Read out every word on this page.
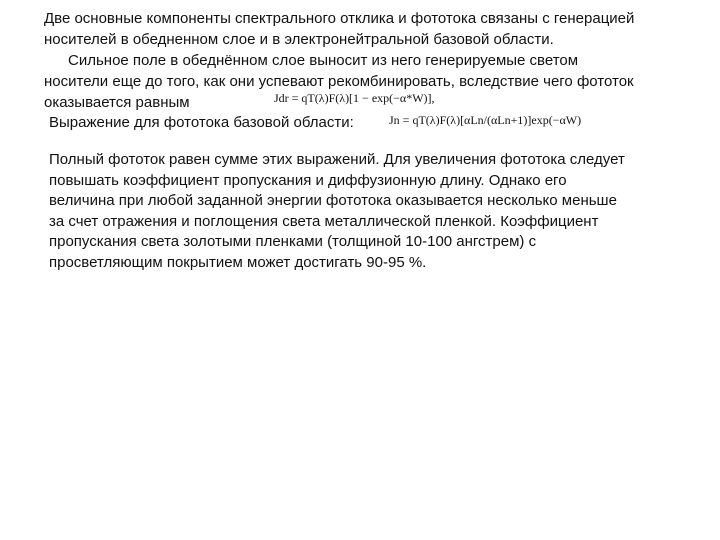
Две основные компоненты спектрального отклика и фототока связаны с генерацией
носителей в обедненном слое и в электронейтральной базовой области.
Сильное поле в обеднённом слое выносит из него генерируемые светом
носители еще до того, как они успевают рекомбинировать, вследствие чего фототок
оказывается равным	Jdr = qT(λ)F(λ)[1 − exp(−α*W)],
Выражение для фототока базовой области:	Jn = qT(λ)F(λ)[αLn/(αLn+1)]exp(−αW)

Полный фототок равен сумме этих выражений. Для увеличения фототока следует
повышать коэффициент пропускания и диффузионную длину. Однако его
величина при любой заданной энергии фототока оказывается несколько меньше
за счет отражения и поглощения света металлической пленкой. Коэффициент
пропускания света золотыми пленками (толщиной 10-100 ангстрем) с
просветляющим покрытием может достигать 90-95 %.
